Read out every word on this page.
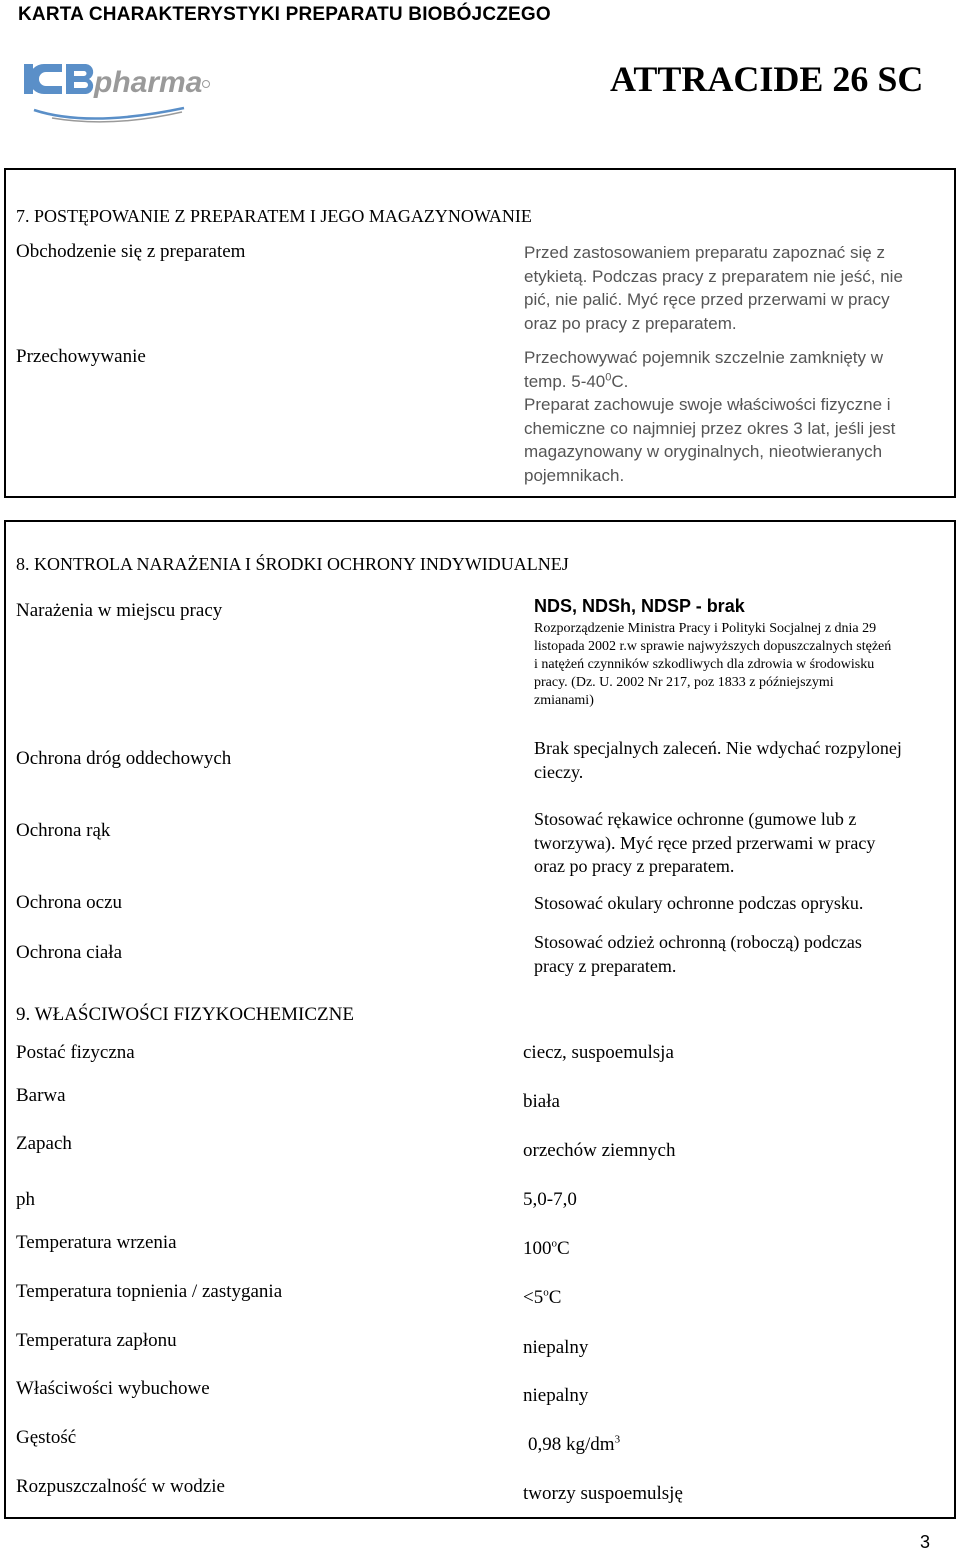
KARTA CHARAKTERYSTYKI PREPARATU BIOBÓJCZEGO
pharma	ATTRACIDE 26 SC
7. POSTĘPOWANIE Z PREPARATEM I JEGO MAGAZYNOWANIE
Obchodzenie się z preparatem	Przed zastosowaniem preparatu zapoznać się z
etykietą. Podczas pracy z preparatem nie jeść, nie
pić, nie palić. Myć ręce przed przerwami w pracy
oraz po pracy z preparatem.
Przechowywanie	Przechowywać pojemnik szczelnie zamknięty w
temp. $5-40^0C$.
Preparat zachowuje swoje właściwości fizyczne i
chemiczne co najmniej przez okres 3 lat, jeśli jest
magazynowany w oryginalnych, nieotwieranych
pojemnikach.
8. KONTROLA NARAŻENIA I ŚRODKI OCHRONY INDYWIDUALNEJ
Narażenia w miejscu pracy	NDS, NDSh, NDSP - brak
Rozporządzenie Ministra Pracy i Polityki Socjalnej z dnia 29
listopada 2002 r.w sprawie najwyższych dopuszczalnych stężeń
i natężeń czynników szkodliwych dla zdrowia w środowisku
pracy. (Dz. U. 2002 Nr 217, poz 1833 z późniejszymi
zmianami)
Ochrona dróg oddechowych	Brak specjalnych zaleceń. Nie wdychać rozpylonej
cieczy.
Ochrona rąk
Stosować rękawice ochronne (gumowe lub z
tworzywa). Myć ręce przed przerwami w pracy
oraz po pracy z preparatem.
Ochrona oczu	Stosować okulary ochronne podczas oprysku.
Ochrona ciała	Stosować odzież ochronną (roboczą) podczas
pracy z preparatem.
9. WŁAŚCIWOŚCI FIZYKOCHEMICZNE
Postać fizyczna	ciecz, suspoemulsja
Barwa	biała
Zapach	orzechów ziemnych
ph	5,0-7,0
Temperatura wrzenia	100$^o$C
Temperatura topnienia / zastygania	$<5^oC$
Temperatura zapłonu	niepalny
Właściwości wybuchowe	niepalny
Gęstość	0,98 $kg/dm^3$
Rozpuszczalność w wodzie	tworzy suspoemulsję
3
